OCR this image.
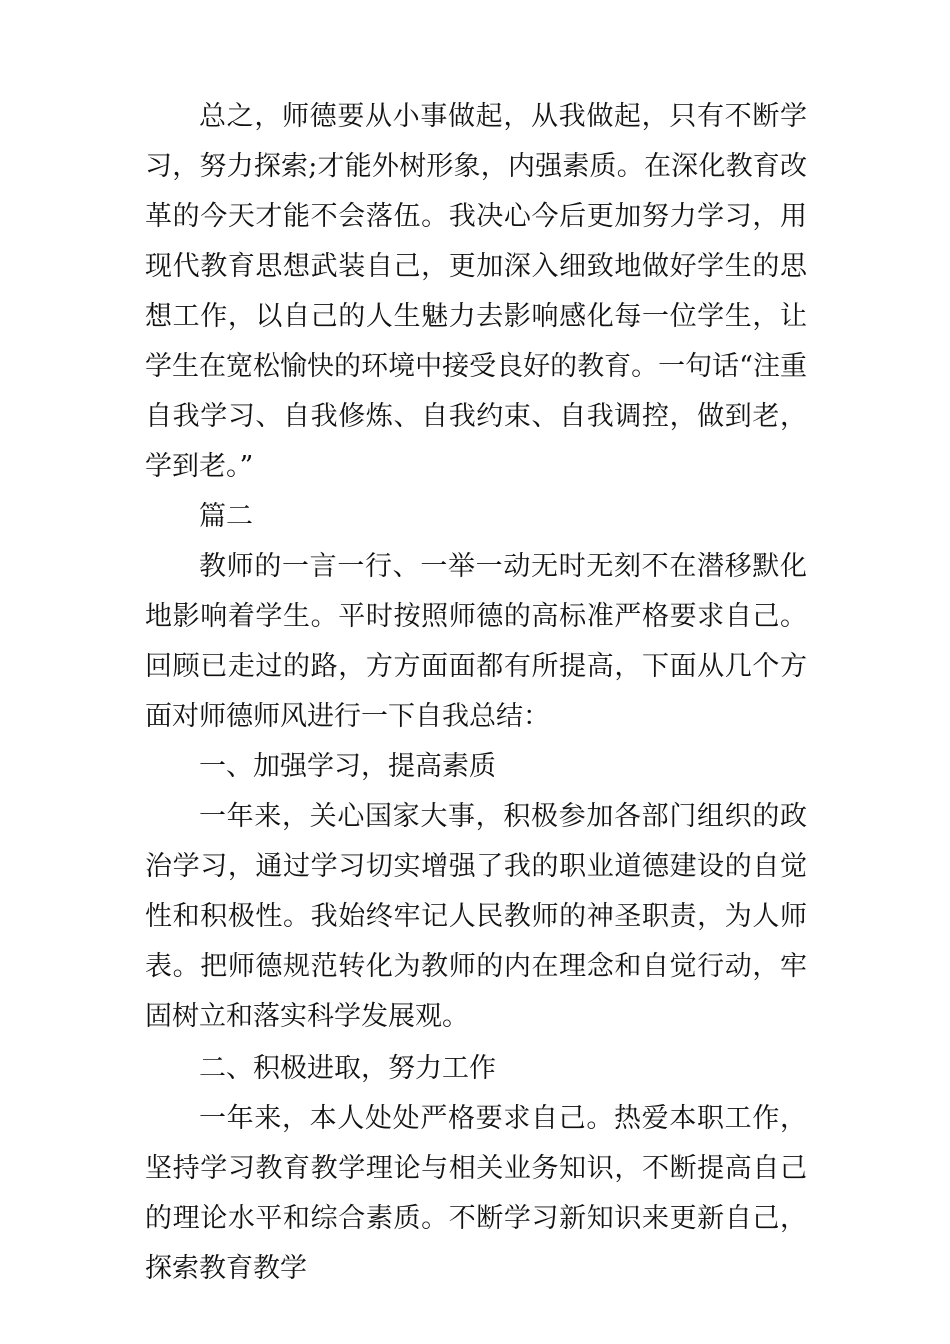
总之，师德要从小事做起，从我做起，只有不断学习，努力探索;才能外树形象，内强素质。在深化教育改革的今天才能不会落伍。我决心今后更加努力学习，用现代教育思想武装自己，更加深入细致地做好学生的思想工作，以自己的人生魅力去影响感化每一位学生，让学生在宽松愉快的环境中接受良好的教育。一句话“注重自我学习、自我修炼、自我约束、自我调控，做到老，学到老。”

篇二

教师的一言一行、一举一动无时无刻不在潜移默化地影响着学生。平时按照师德的高标准严格要求自己。回顾已走过的路，方方面面都有所提高，下面从几个方面对师德师风进行一下自我总结：

一、加强学习，提高素质

一年来，关心国家大事，积极参加各部门组织的政治学习，通过学习切实增强了我的职业道德建设的自觉性和积极性。我始终牢记人民教师的神圣职责，为人师表。把师德规范转化为教师的内在理念和自觉行动，牢固树立和落实科学发展观。

二、积极进取，努力工作

一年来，本人处处严格要求自己。热爱本职工作，坚持学习教育教学理论与相关业务知识，不断提高自己的理论水平和综合素质。不断学习新知识来更新自己，探索教育教学
